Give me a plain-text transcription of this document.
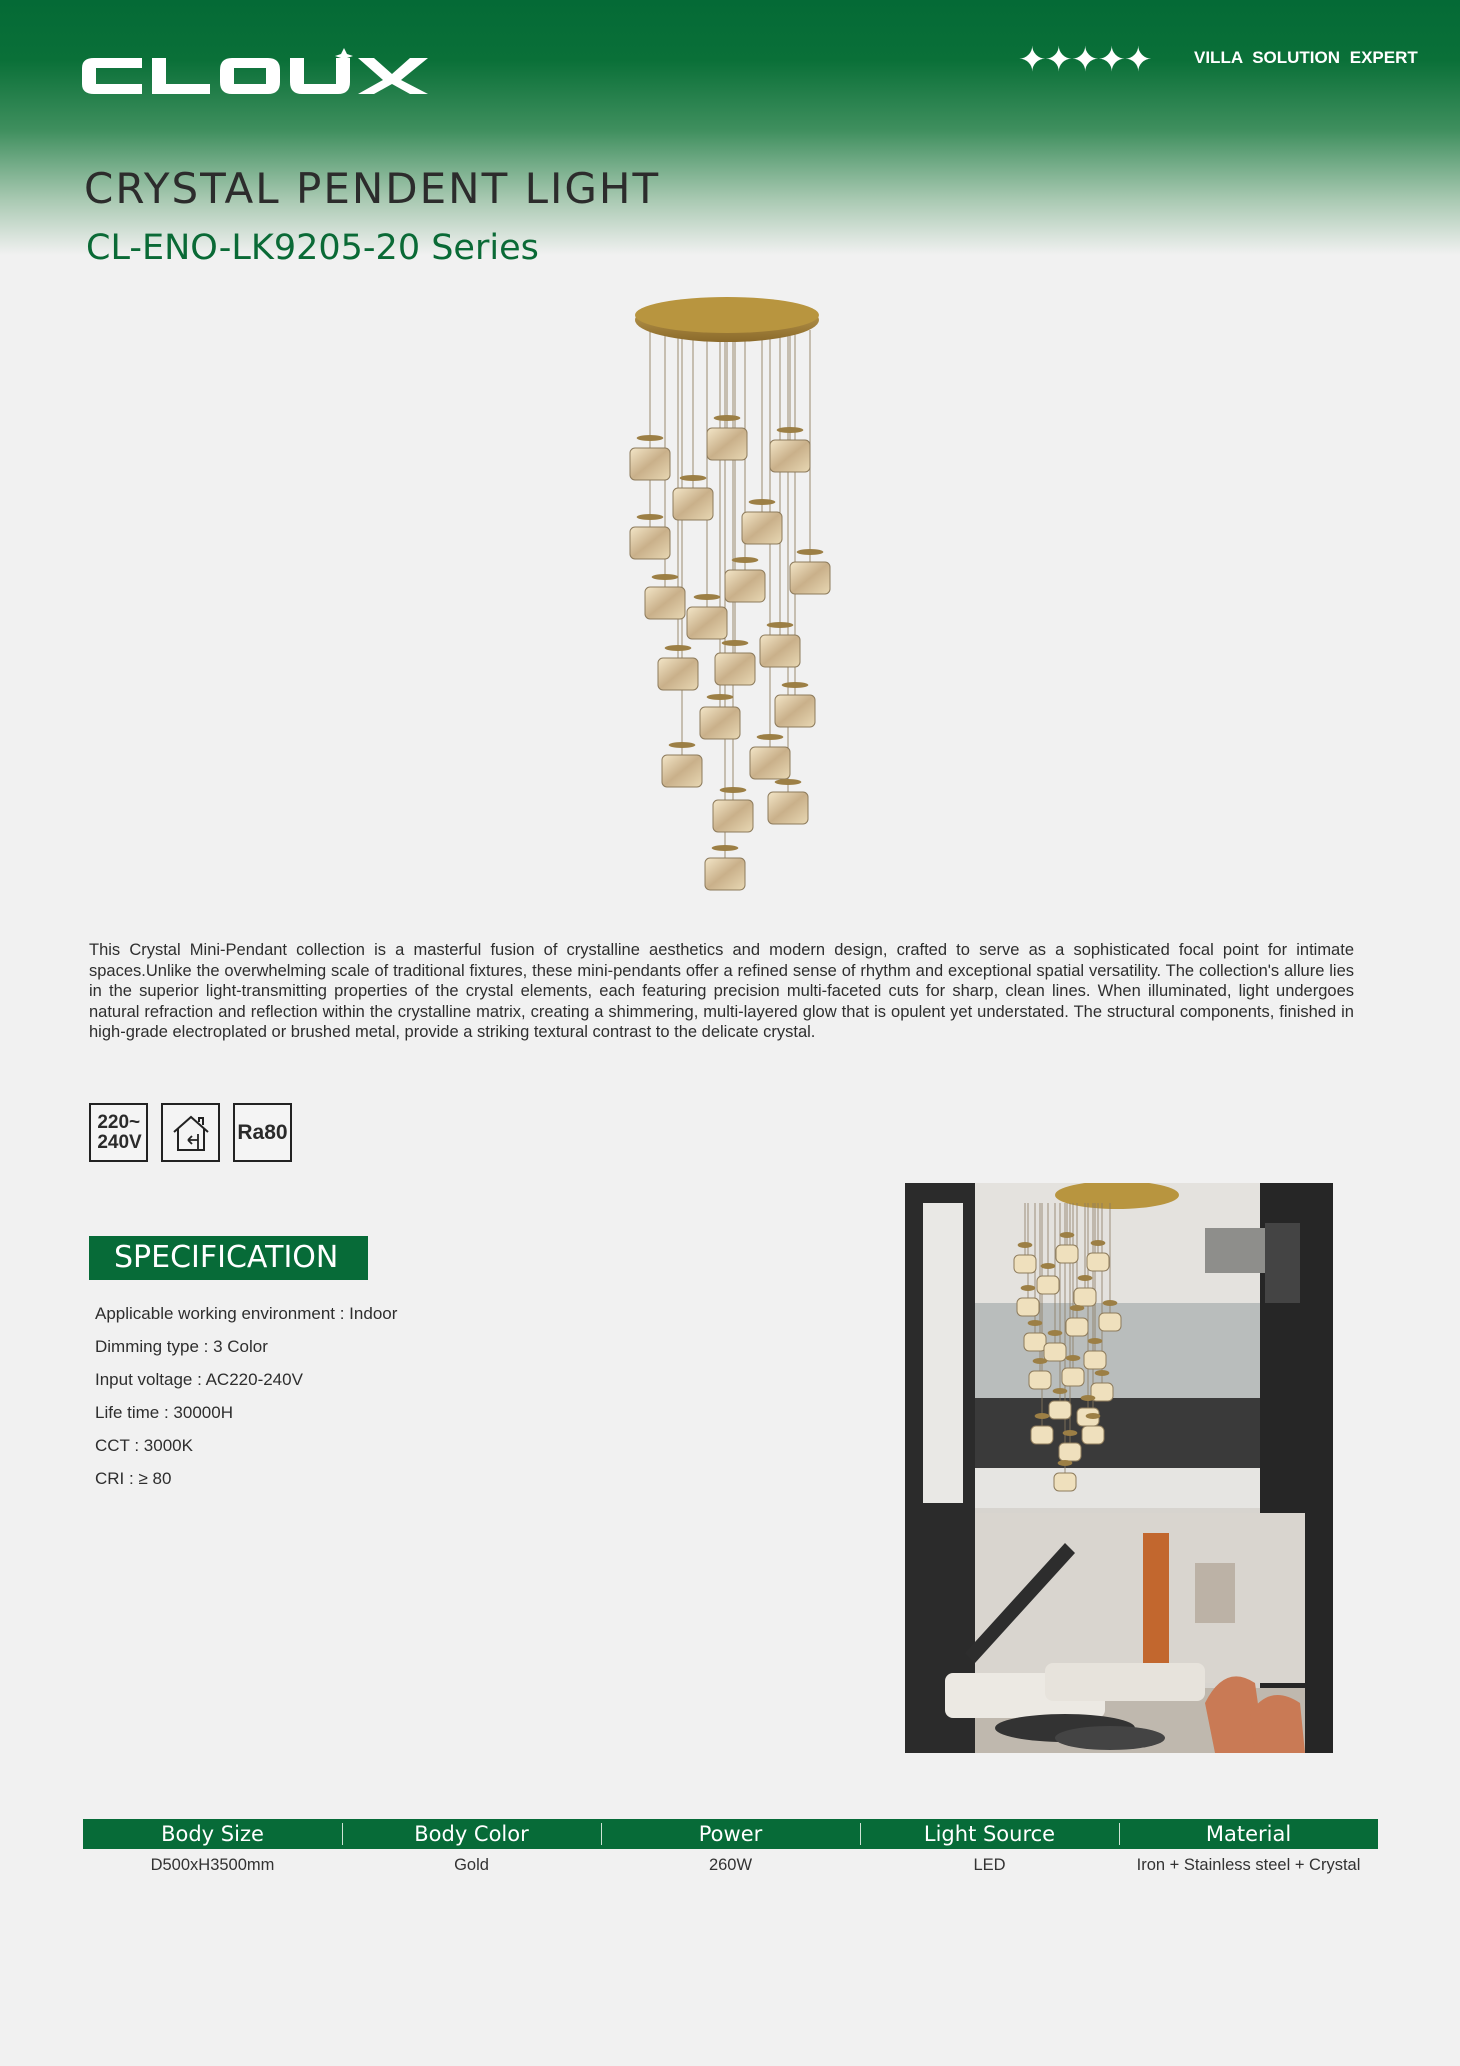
✦✦✦✦✦	VILLA SOLUTION EXPERT
CRYSTAL PENDENT LIGHT
CL-ENO-LK9205-20 Series
This Crystal Mini-Pendant collection is a masterful fusion of crystalline aesthetics and modern design, crafted to serve as a sophisticated focal point for intimate spaces.Unlike the overwhelming scale of traditional fixtures, these mini-pendants offer a refined sense of rhythm and exceptional spatial versatility. The collection's allure lies in the superior light-transmitting properties of the crystal elements, each featuring precision multi-faceted cuts for sharp, clean lines. When illuminated, light undergoes natural refraction and reflection within the crystalline matrix, creating a shimmering, multi-layered glow that is opulent yet understated. The structural components, finished in high-grade electroplated or brushed metal, provide a striking textural contrast to the delicate crystal.
220~
240V	Ra80
SPECIFICATION
Applicable working environment : Indoor
Dimming type : 3 Color
Input voltage : AC220-240V
Life time : 30000H
CCT : 3000K
CRI : ≥ 80
Body Size	Body Color	Power	Light Source	Material
D500xH3500mm	Gold	260W	LED	Iron + Stainless steel + Crystal
